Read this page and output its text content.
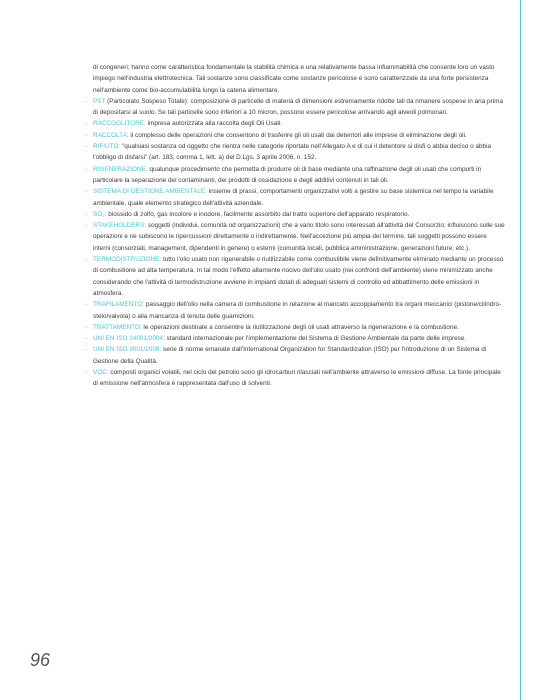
di congeneri; hanno come caratteristica fondamentale la stabilità chimica e una relativamente bassa infiammabilità che consente loro un vasto impiego nell'industria elettrotecnica. Tali sostanze sono classificate come sostanze pericolose e sono caratterizzate da una forte persistenza nell'ambiente come bio-accumulabilità lungo la catena alimentare.

- PST (Particolato Sospeso Totale): composizione di particelle di materia di dimensioni estremamente ridotte tali da rimanere sospese in aria prima di depositarsi al suolo. Se tali particelle sono inferiori a 10 micron, possono essere pericolose arrivando agli alveoli polmonari.

- RACCOGLITORE: impresa autorizzata alla raccolta degli Oli Usati.

- RACCOLTA: il complesso delle operazioni che consentono di trasferire gli oli usati dai detentori alle imprese di eliminazione degli oli.

- RIFIUTO: "qualsiasi sostanza od oggetto che rientra nelle categorie riportate nell'Allegato A e di cui il detentore si disfi o abbia deciso o abbia l'obbligo di disfarsi" (art. 183, comma 1, lett. a) del D.Lgs. 3 aprile 2006, n. 152.

- RIGENERAZIONE: qualunque procedimento che permetta di produrre oli di base mediante una raffinazione degli oli usati che comporti in particolare la separazione dei contaminanti, dei prodotti di ossidazione e degli additivi contenuti in tali oli.

- SISTEMA DI GESTIONE AMBIENTALE: insieme di prassi, comportamenti organizzativi volti a gestire su base sistemica nel tempo la variabile ambientale, quale elemento strategico dell'attività aziendale.

- SO₂: biossido di zolfo, gas incolore e inodore, facilmente assorbito dal tratto superiore dell'apparato respiratorio.

- STAKEHOLDERS: soggetti (individui, comunità od organizzazioni) che a vario titolo sono interessati all'attività del Consorzio; influiscono sulle sue operazioni e ne subiscono le ripercussioni direttamente o indirettamente. Nell'accezione più ampia del termine, tali soggetti possono essere interni (consorziati, management, dipendenti in genere) o esterni (comunità locali, pubblica amministrazione, generazioni future, etc.).

- TERMODISTRUZIONE: tutto l'olio usato non rigenerabile o riutilizzabile come combustibile viene definitivamente eliminato mediante un processo di combustione ad alta temperatura. In tal modo l'effetto altamente nocivo dell'olio usato (nei confronti dell'ambiente) viene minimizzato anche considerando che l'attività di termodistruzione avviene in impianti dotati di adeguati sistemi di controllo ed abbattimento delle emissioni in atmosfera.

- TRAFILAMENTO: passaggio dell'olio nella camera di combustione in relazione al mancato accoppiamento tra organi meccanici (pistone/cilindro-stelo/valvola) o alla mancanza di tenuta delle guarnizioni.

- TRATTAMENTO: le operazioni destinate a consentire la riutilizzazione degli oli usati attraverso la rigenerazione e la combustione.

- UNI EN ISO 14001/2004: standard internazionale per l'implementazione del Sistema di Gestione Ambientale da parte delle imprese.

- UNI EN ISO 9001/2008: serie di norme emanate dall'International Organization for Standardization (ISO) per l'introduzione di un Sistema di Gestione della Qualità.

- VOC: composti organici volatili, nel ciclo del petrolio sono gli idrocarburi rilasciati nell'ambiente attraverso le emissioni diffuse. La fonte principale di emissione nell'atmosfera è rappresentata dall'uso di solventi.

96
